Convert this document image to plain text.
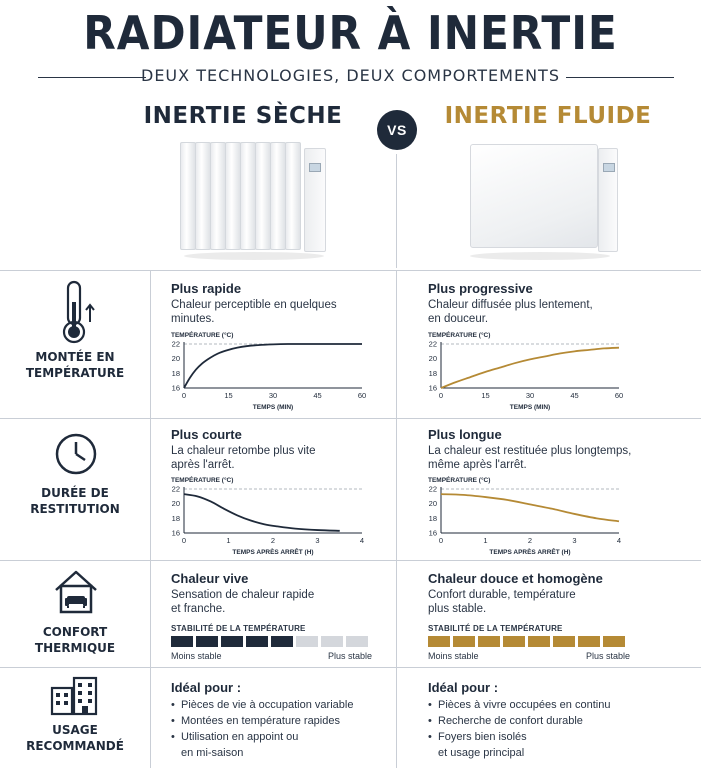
RADIATEUR À INERTIE
DEUX TECHNOLOGIES, DEUX COMPORTEMENTS
INERTIE SÈCHE
VS
INERTIE FLUIDE
MONTÉE EN
TEMPÉRATURE
Plus rapide
Chaleur perceptible en quelques
minutes.
TEMPÉRATURE (°C)
16
18
20
22
0	15	30	45	60
TEMPS (MIN)
Plus progressive
Chaleur diffusée plus lentement,
en douceur.
TEMPÉRATURE (°C)
16
18
20
22
0	15	30	45	60
TEMPS (MIN)
DURÉE DE
RESTITUTION
Plus courte
La chaleur retombe plus vite
après l'arrêt.
TEMPÉRATURE (°C)
16
18
20
22
0	1	2	3	4
TEMPS APRÈS ARRÊT (H)
Plus longue
La chaleur est restituée plus longtemps,
même après l'arrêt.
TEMPÉRATURE (°C)
16
18
20
22
0	1	2	3	4
TEMPS APRÈS ARRÊT (H)
CONFORT
THERMIQUE
Chaleur vive
Sensation de chaleur rapide
et franche.
STABILITÉ DE LA TEMPÉRATURE
Moins stable	Plus stable
Chaleur douce et homogène
Confort durable, température
plus stable.
STABILITÉ DE LA TEMPÉRATURE
Moins stable	Plus stable
USAGE
RECOMMANDÉ
Idéal pour :
• Pièces de vie à occupation variable
• Montées en température rapides
• Utilisation en appoint ou
en mi-saison
Idéal pour :
• Pièces à vivre occupées en continu
• Recherche de confort durable
• Foyers bien isolés
et usage principal
